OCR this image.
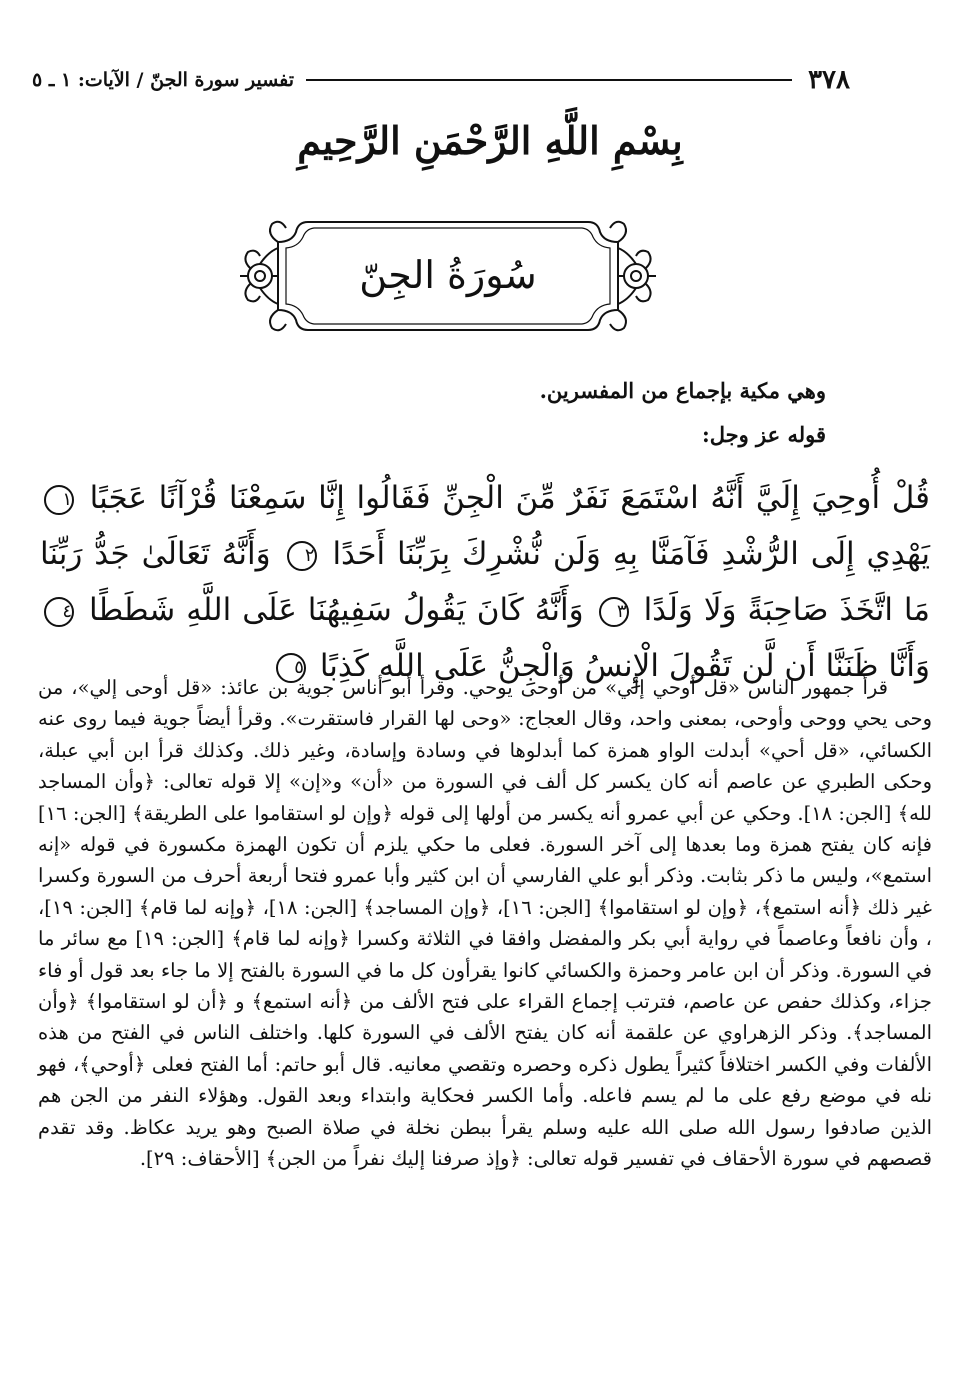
٣٧٨
تفسير سورة الجنّ / الآيات: ١ ـ ٥
بِسْمِ اللَّهِ الرَّحْمَنِ الرَّحِيمِ
سُورَةُ الجِنّ
وهي مكية بإجماع من المفسرين.
قوله عز وجل:
قُلْ أُوحِيَ إِلَيَّ أَنَّهُ اسْتَمَعَ نَفَرٌ مِّنَ الْجِنِّ فَقَالُوا إِنَّا سَمِعْنَا قُرْآنًا عَجَبًا ١ يَهْدِي إِلَى الرُّشْدِ فَآمَنَّا بِهِ وَلَن نُّشْرِكَ بِرَبِّنَا أَحَدًا ٢ وَأَنَّهُ تَعَالَىٰ جَدُّ رَبِّنَا مَا اتَّخَذَ صَاحِبَةً وَلَا وَلَدًا ٣ وَأَنَّهُ كَانَ يَقُولُ سَفِيهُنَا عَلَى اللَّهِ شَطَطًا ٤ وَأَنَّا ظَنَنَّا أَن لَّن تَقُولَ الْإِنسُ وَالْجِنُّ عَلَى اللَّهِ كَذِبًا ٥
قرأ جمهور الناس «قل أوحي إلي» من أوحى يوحي. وقرأ أبو أناس جوية بن عائذ: «قل أوحى إلي»، من وحى يحي ووحى وأوحى، بمعنى واحد، وقال العجاج: «وحى لها القرار فاستقرت». وقرأ أيضاً جوية فيما روى عنه الكسائي، «قل أحي» أبدلت الواو همزة كما أبدلوها في وسادة وإسادة، وغير ذلك. وكذلك قرأ ابن أبي عبلة، وحكى الطبري عن عاصم أنه كان يكسر كل ألف في السورة من «أن» و«إن» إلا قوله تعالى: ﴿وأن المساجد لله﴾ [الجن: ١٨]. وحكي عن أبي عمرو أنه يكسر من أولها إلى قوله ﴿وإن لو استقاموا على الطريقة﴾ [الجن: ١٦] فإنه كان يفتح همزة وما بعدها إلى آخر السورة. فعلى ما حكي يلزم أن تكون الهمزة مكسورة في قوله «إنه استمع»، وليس ما ذكر بثابت. وذكر أبو علي الفارسي أن ابن كثير وأبا عمرو فتحا أربعة أحرف من السورة وكسرا غير ذلك ﴿أنه استمع﴾، ﴿وإن لو استقاموا﴾ [الجن: ١٦]، ﴿وإن المساجد﴾ [الجن: ١٨]، ﴿وإنه لما قام﴾ [الجن: ١٩]، ، وأن نافعاً وعاصماً في رواية أبي بكر والمفضل وافقا في الثلاثة وكسرا ﴿وإنه لما قام﴾ [الجن: ١٩] مع سائر ما في السورة. وذكر أن ابن عامر وحمزة والكسائي كانوا يقرأون كل ما في السورة بالفتح إلا ما جاء بعد قول أو فاء جزاء، وكذلك حفص عن عاصم، فترتب إجماع القراء على فتح الألف من ﴿أنه استمع﴾ و ﴿أن لو استقاموا﴾ ﴿وأن المساجد﴾. وذكر الزهراوي عن علقمة أنه كان يفتح الألف في السورة كلها. واختلف الناس في الفتح من هذه الألفات وفي الكسر اختلافاً كثيراً يطول ذكره وحصره وتقصي معانيه. قال أبو حاتم: أما الفتح فعلى ﴿أوحي﴾، فهو نله في موضع رفع على ما لم يسم فاعله. وأما الكسر فحكاية وابتداء وبعد القول. وهؤلاء النفر من الجن هم الذين صادفوا رسول الله صلى الله عليه وسلم يقرأ ببطن نخلة في صلاة الصبح وهو يريد عكاظ. وقد تقدم قصصهم في سورة الأحقاف في تفسير قوله تعالى: ﴿وإذ صرفنا إليك نفراً من الجن﴾ [الأحقاف: ٢٩].
